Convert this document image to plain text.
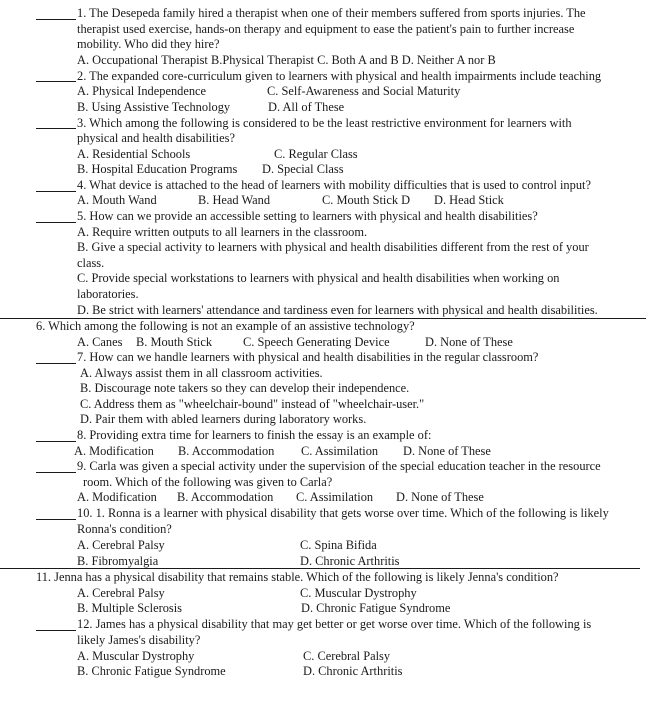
1. The Desepeda family hired a therapist when one of their members suffered from sports injuries. The
therapist used exercise, hands-on therapy and equipment to ease the patient's pain to further increase
mobility. Who did they hire?
A. Occupational Therapist B.Physical Therapist C. Both A and B D. Neither A nor B
2. The expanded core-curriculum given to learners with physical and health impairments include teaching
A. Physical Independence	C. Self-Awareness and Social Maturity
B. Using Assistive Technology	D. All of These
3. Which among the following is considered to be the least restrictive environment for learners with
physical and health disabilities?
A. Residential Schools	C. Regular Class
B. Hospital Education Programs D. Special Class
4. What device is attached to the head of learners with mobility difficulties that is used to control input?
A. Mouth Wand	B. Head Wand	C. Mouth Stick D D. Head Stick
5. How can we provide an accessible setting to learners with physical and health disabilities?
A. Require written outputs to all learners in the classroom.
B. Give a special activity to learners with physical and health disabilities different from the rest of your
class.
C. Provide special workstations to learners with physical and health disabilities when working on
laboratories.
D. Be strict with learners' attendance and tardiness even for learners with physical and health disabilities.
6. Which among the following is not an example of an assistive technology?
A. Canes B. Mouth Stick C. Speech Generating Device	D. None of These
7. How can we handle learners with physical and health disabilities in the regular classroom?
A. Always assist them in all classroom activities.
B. Discourage note takers so they can develop their independence.
C. Address them as "wheelchair-bound" instead of "wheelchair-user."
D. Pair them with abled learners during laboratory works.
8. Providing extra time for learners to finish the essay is an example of:
A. Modification B. Accommodation C. Assimilation D. None of These
9. Carla was given a special activity under the supervision of the special education teacher in the resource
room. Which of the following was given to Carla?
A. Modification B. Accommodation C. Assimilation D. None of These
10. 1. Ronna is a learner with physical disability that gets worse over time. Which of the following is likely
Ronna's condition?
A. Cerebral Palsy	C. Spina Bifida
B. Fibromyalgia	D. Chronic Arthritis
11. Jenna has a physical disability that remains stable. Which of the following is likely Jenna's condition?
A. Cerebral Palsy	C. Muscular Dystrophy
B. Multiple Sclerosis	D. Chronic Fatigue Syndrome
12. James has a physical disability that may get better or get worse over time. Which of the following is
likely James's disability?
A. Muscular Dystrophy	C. Cerebral Palsy
B. Chronic Fatigue Syndrome	D. Chronic Arthritis
